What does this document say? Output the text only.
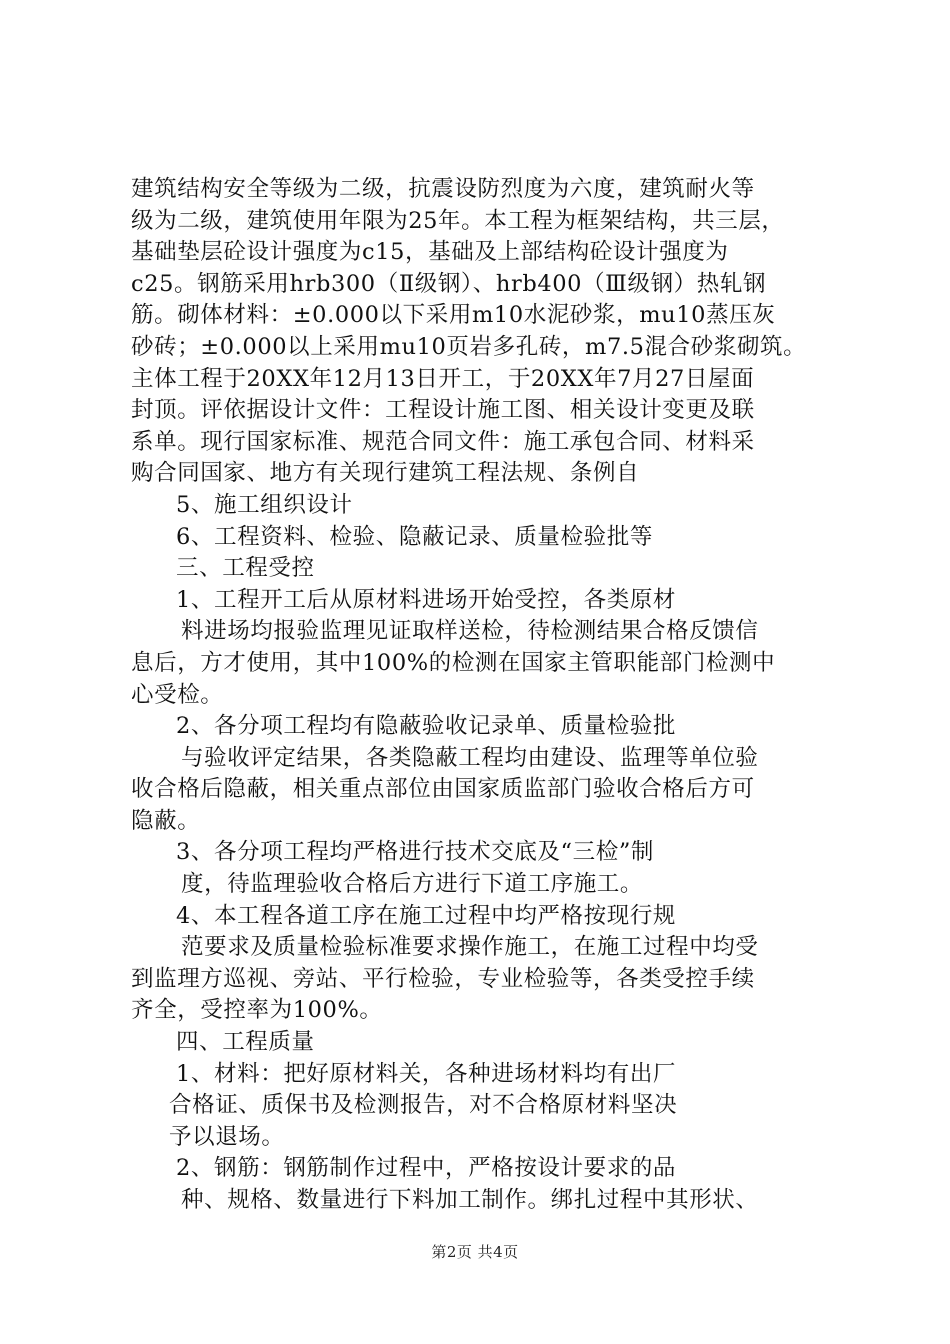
建筑结构安全等级为二级，抗震设防烈度为六度，建筑耐火等
级为二级，建筑使用年限为25年。本工程为框架结构，共三层，
基础垫层砼设计强度为c15，基础及上部结构砼设计强度为
c25。钢筋采用hrb300（Ⅱ级钢）、hrb400（Ⅲ级钢）热轧钢
筋。砌体材料：±0.000以下采用m10水泥砂浆，mu10蒸压灰
砂砖；±0.000以上采用mu10页岩多孔砖，m7.5混合砂浆砌筑。
主体工程于20XX年12月13日开工，于20XX年7月27日屋面
封顶。评依据设计文件：工程设计施工图、相关设计变更及联
系单。现行国家标准、规范合同文件：施工承包合同、材料采
购合同国家、地方有关现行建筑工程法规、条例自
5、施工组织设计
6、工程资料、检验、隐蔽记录、质量检验批等
三、工程受控
1、工程开工后从原材料进场开始受控，各类原材
料进场均报验监理见证取样送检，待检测结果合格反馈信
息后，方才使用，其中100%的检测在国家主管职能部门检测中
心受检。
2、各分项工程均有隐蔽验收记录单、质量检验批
与验收评定结果，各类隐蔽工程均由建设、监理等单位验
收合格后隐蔽，相关重点部位由国家质监部门验收合格后方可
隐蔽。
3、各分项工程均严格进行技术交底及“三检”制
度，待监理验收合格后方进行下道工序施工。
4、本工程各道工序在施工过程中均严格按现行规
范要求及质量检验标准要求操作施工，在施工过程中均受
到监理方巡视、旁站、平行检验，专业检验等，各类受控手续
齐全，受控率为100%。
四、工程质量
1、材料：把好原材料关，各种进场材料均有出厂
合格证、质保书及检测报告，对不合格原材料坚决
予以退场。
2、钢筋：钢筋制作过程中，严格按设计要求的品
种、规格、数量进行下料加工制作。绑扎过程中其形状、
第2页 共4页
